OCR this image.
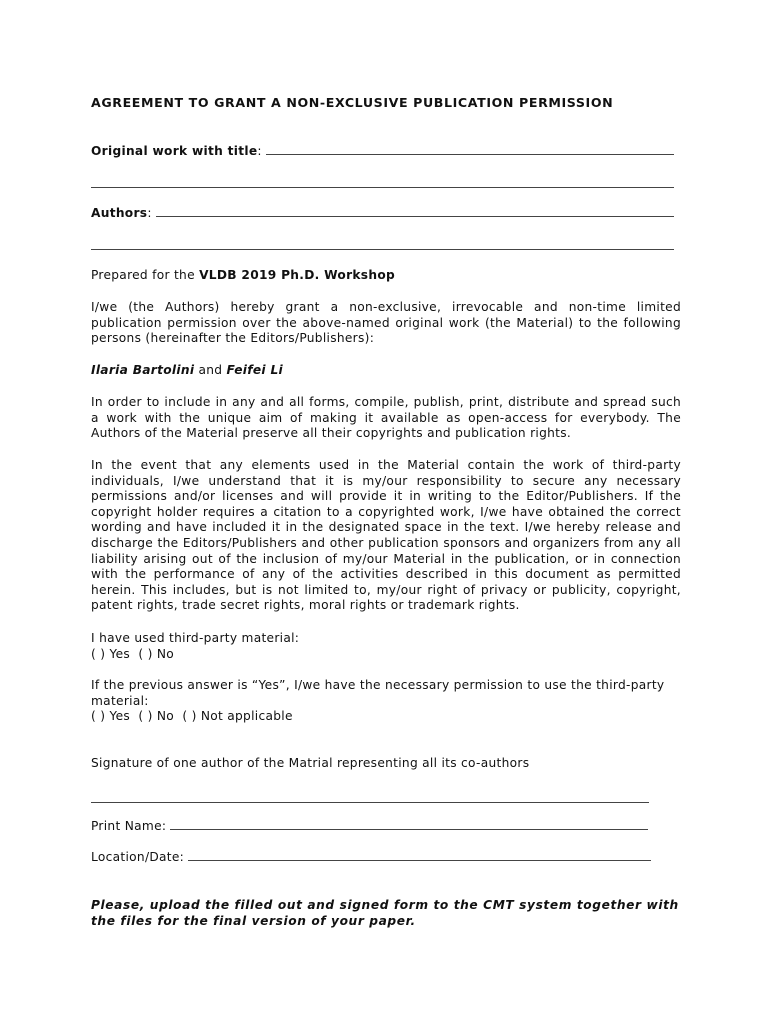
AGREEMENT TO GRANT A NON-EXCLUSIVE PUBLICATION PERMISSION

Original work with title:
Authors:

Prepared for the VLDB 2019 Ph.D. Workshop

I/we (the Authors) hereby grant a non-exclusive, irrevocable and non-time limited publication permission over the above-named original work (the Material) to the following persons (hereinafter the Editors/Publishers):

Ilaria Bartolini and Feifei Li

In order to include in any and all forms, compile, publish, print, distribute and spread such a work with the unique aim of making it available as open-access for everybody. The Authors of the Material preserve all their copyrights and publication rights.

In the event that any elements used in the Material contain the work of third-party individuals, I/we understand that it is my/our responsibility to secure any necessary permissions and/or licenses and will provide it in writing to the Editor/Publishers. If the copyright holder requires a citation to a copyrighted work, I/we have obtained the correct wording and have included it in the designated space in the text. I/we hereby release and discharge the Editors/Publishers and other publication sponsors and organizers from any all liability arising out of the inclusion of my/our Material in the publication, or in connection with the performance of any of the activities described in this document as permitted herein. This includes, but is not limited to, my/our right of privacy or publicity, copyright, patent rights, trade secret rights, moral rights or trademark rights.

I have used third-party material:

( ) Yes  ( ) No

If the previous answer is “Yes”, I/we have the necessary permission to use the third-party material:

( ) Yes  ( ) No  ( ) Not applicable

Signature of one author of the Matrial representing all its co-authors

Print Name:
Location/Date:

Please, upload the filled out and signed form to the CMT system together with the files for the final version of your paper.
